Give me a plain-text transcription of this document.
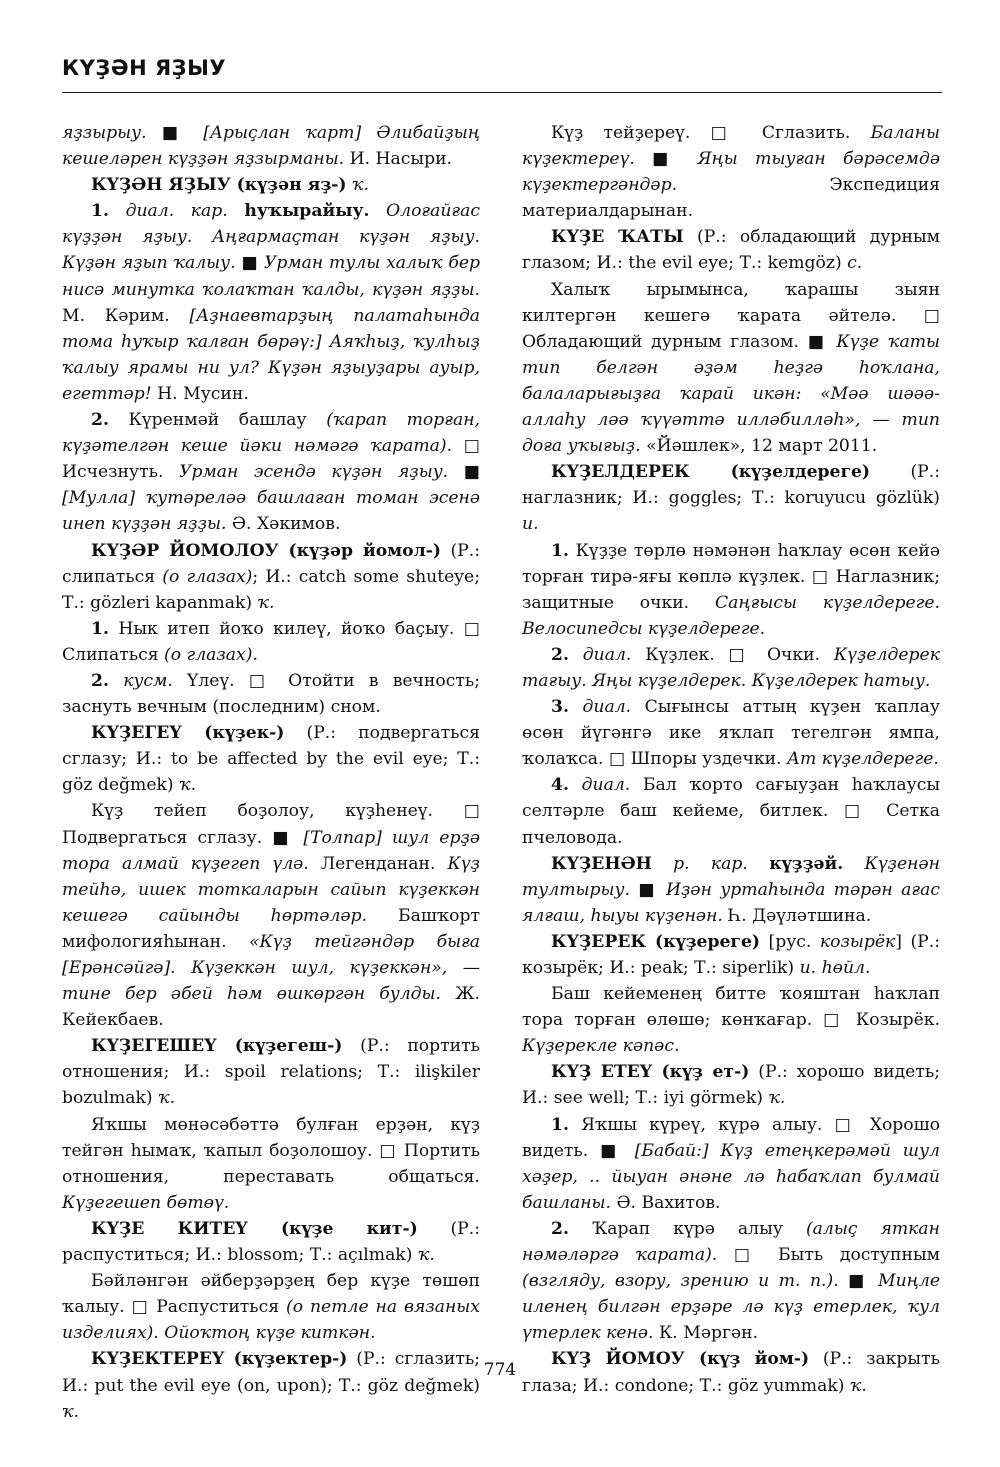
КҮҘӘН ЯҘЫУ

яҙзырыу. ■ [Арыҫлан ҡарт] Әлибайҙың кешеләрен күҙҙән яҙзырманы. И. Насыри.

КҮҘӘН ЯҘЫУ (күҙән яҙ-) ҡ.

1. диал. кар. һуҡырайыу. Олоғайғас күҙҙән яҙыу. Аңғармаҫтан күҙән яҙыу. Күҙән яҙып ҡалыу. ■ Урман тулы халыҡ бер нисә минутка ҡолаҡтан ҡалды, күҙән яҙҙы. М. Кәрим. [Аҙнаевтарҙың палатаһында тома һуҡыр ҡалған бөрәү:] Аяҡһыҙ, ҡулһыҙ ҡалыу ярамы ни ул? Күҙән яҙыуҙары ауыр, егеттәр! Н. Мусин.

2. Күренмәй башлау (ҡарап торған, күҙәтелгән кеше йәки нәмәгә ҡарата). □ Исчезнуть. Урман эсендә күҙән яҙыу. ■ [Мулла] ҡутәреләә башлаған томан эсенә инеп күҙҙән яҙҙы. Ә. Хәкимов.

КҮҘӘР ЙОМОЛОУ (күҙәр йомол-) (Р.: слипаться (о глазах); И.: catch some shuteye; Т.: gözleri kapanmak) ҡ.

1. Нык итеп йоҡо килеү, йоҡо баҫыу. □ Слипаться (о глазах).

2. кусм. Үлеү. □ Отойти в вечность; заснуть вечным (последним) сном.

КҮҘЕГЕҮ (күҙек-) (Р.: подвергаться сглазу; И.: to be affected by the evil eye; Т.: göz değmek) ҡ.

Күҙ тейеп боҙолоу, күҙһенеү. □ Подвергаться сглазу. ■ [Толпар] шул ерҙә тора алмай күҙегеп үлә. Легенданан. Күҙ тейһә, ишек тоткаларын сайып күҙеккән кешегә сайынды һөртәләр. Башҡорт мифологияһынан. «Күҙ тейгәндәр быға [Ерәнсәйгә]. Күҙеккән шул, күҙеккән», — тине бер әбей һәм өшкөргән булды. Ж. Кейекбаев.

КҮҘЕГЕШЕҮ (күҙегеш-) (Р.: портить отношения; И.: spoil relations; Т.: ilişkiler bozulmak) ҡ.

Яҡшы мөнәсәбәттә булған ерҙән, күҙ тейгән һымаҡ, ҡапыл боҙолошоу. □ Портить отношения, переставать общаться. Күҙегешеп бөтөү.

КҮҘЕ КИТЕҮ (күҙе кит-) (Р.: распуститься; И.: blossom; Т.: açılmak) ҡ.

Бәйләнгән әйберҙәрҙең бер күҙе төшөп ҡалыу. □ Распуститься (о петле на вязаных изделиях). Ойоҡтоң күҙе киткән.

КҮҘЕКТЕРЕҮ (күҙектер-) (Р.: сглазить; И.: put the evil eye (on, upon); Т.: göz değmek) ҡ.

Күҙ тейҙереү. □ Сглазить. Баланы күҙектереү. ■ Яңы тыуған бәрәсемдә күҙектергәндәр. Экспедиция материалдарынан.

КҮҘЕ ҠАТЫ (Р.: обладающий дурным глазом; И.: the evil eye; Т.: kemgöz) с.

Халыҡ ырымынса, ҡарашы зыян килтергән кешегә ҡарата әйтелә. □ Обладающий дурным глазом. ■ Күҙе ҡаты тип белгән әҙәм һеҙгә һоҡлана, балаларығыҙға ҡарай икән: «Мәә шәәә-аллаһу ләә ҡүүәттә илләбилләһ», — тип доға уҡығыҙ. «Йәшлек», 12 март 2011.

КҮҘЕЛДЕРЕК (күҙелдереге) (Р.: наглазник; И.: goggles; Т.: koruyucu gözlük) и.

1. Күҙҙе төрлө нәмәнән һаҡлау өсөн кейә торған тирә-яғы көплә күҙлек. □ Наглазник; защитные очки. Саңғысы күҙелдереге. Велосипедсы күҙелдереге.

2. диал. Күҙлек. □ Очки. Күҙелдерек тағыу. Яңы күҙелдерек. Күҙелдерек һатыу.

3. диал. Сығынсы аттың күҙен ҡаплау өсөн йүгәнгә ике яҡлап тегелгән ямпа, ҡолаҡса. □ Шпоры уздечки. Ат күҙелдереге.

4. диал. Бал ҡорто сағыуҙан һаҡлаусы селтәрле баш кейеме, битлек. □ Сетка пчеловода.

КҮҘЕНӘН р. кар. күҙҙәй. Күҙенән тултырыу. ■ Иҙән уртаһында тәрән ағас ялғаш, һыуы күҙенән. Һ. Дәүләтшина.

КҮҘЕРЕК (күҙереге) [рус. козырёк] (Р.: козырёк; И.: peak; Т.: siperlik) и. һөйл.

Баш кейеменең битте ҡояштан һаҡлап тора торған өлөшө; көнҡағар. □ Козырёк. Күҙерекле кәпәс.

КҮҘ ЕТЕҮ (күҙ ет-) (Р.: хорошо видеть; И.: see well; Т.: iyi görmek) ҡ.

1. Яҡшы күреү, күрә алыу. □ Хорошо видеть. ■ [Бабай:] Күҙ етеңкерәмәй шул хәҙер, .. йыуан әнәне лә һабаҡлап булмай башланы. Ә. Вахитов.

2. Ҡарап күрә алыу (алыҫ яткан нәмәләргә ҡарата). □ Быть доступным (взгляду, взору, зрению и т. п.). ■ Миңле иленең билгән ерҙәре лә күҙ етерлек, ҡул үтерлек кенә. К. Мәргән.

КҮҘ ЙОМОУ (күҙ йом-) (Р.: закрыть глаза; И.: condone; Т.: göz yummak) ҡ.

774
